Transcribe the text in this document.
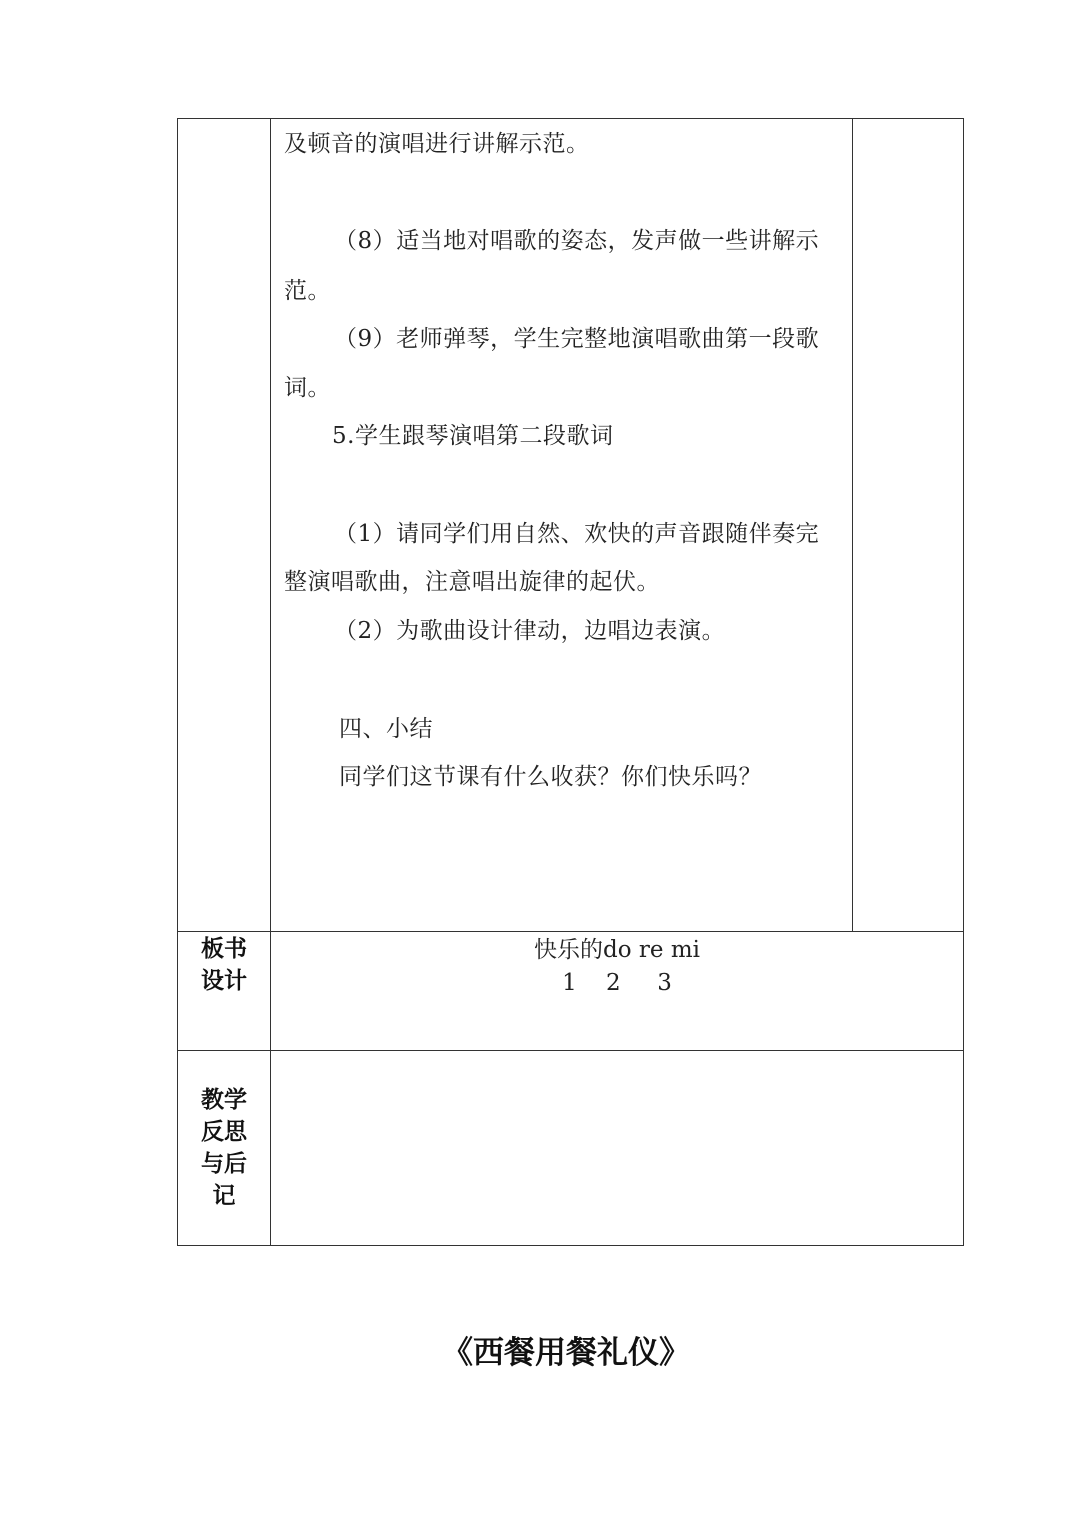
及顿音的演唱进行讲解示范。
（8）适当地对唱歌的姿态，发声做一些讲解示
范。
（9）老师弹琴，学生完整地演唱歌曲第一段歌
词。
5.学生跟琴演唱第二段歌词
（1）请同学们用自然、欢快的声音跟随伴奏完
整演唱歌曲，注意唱出旋律的起伏。
（2）为歌曲设计律动，边唱边表演。
四、小结
同学们这节课有什么收获？你们快乐吗？
板书
设计
快乐的do re mi
1    2     3
教学
反思
与后
记
《西餐用餐礼仪》
